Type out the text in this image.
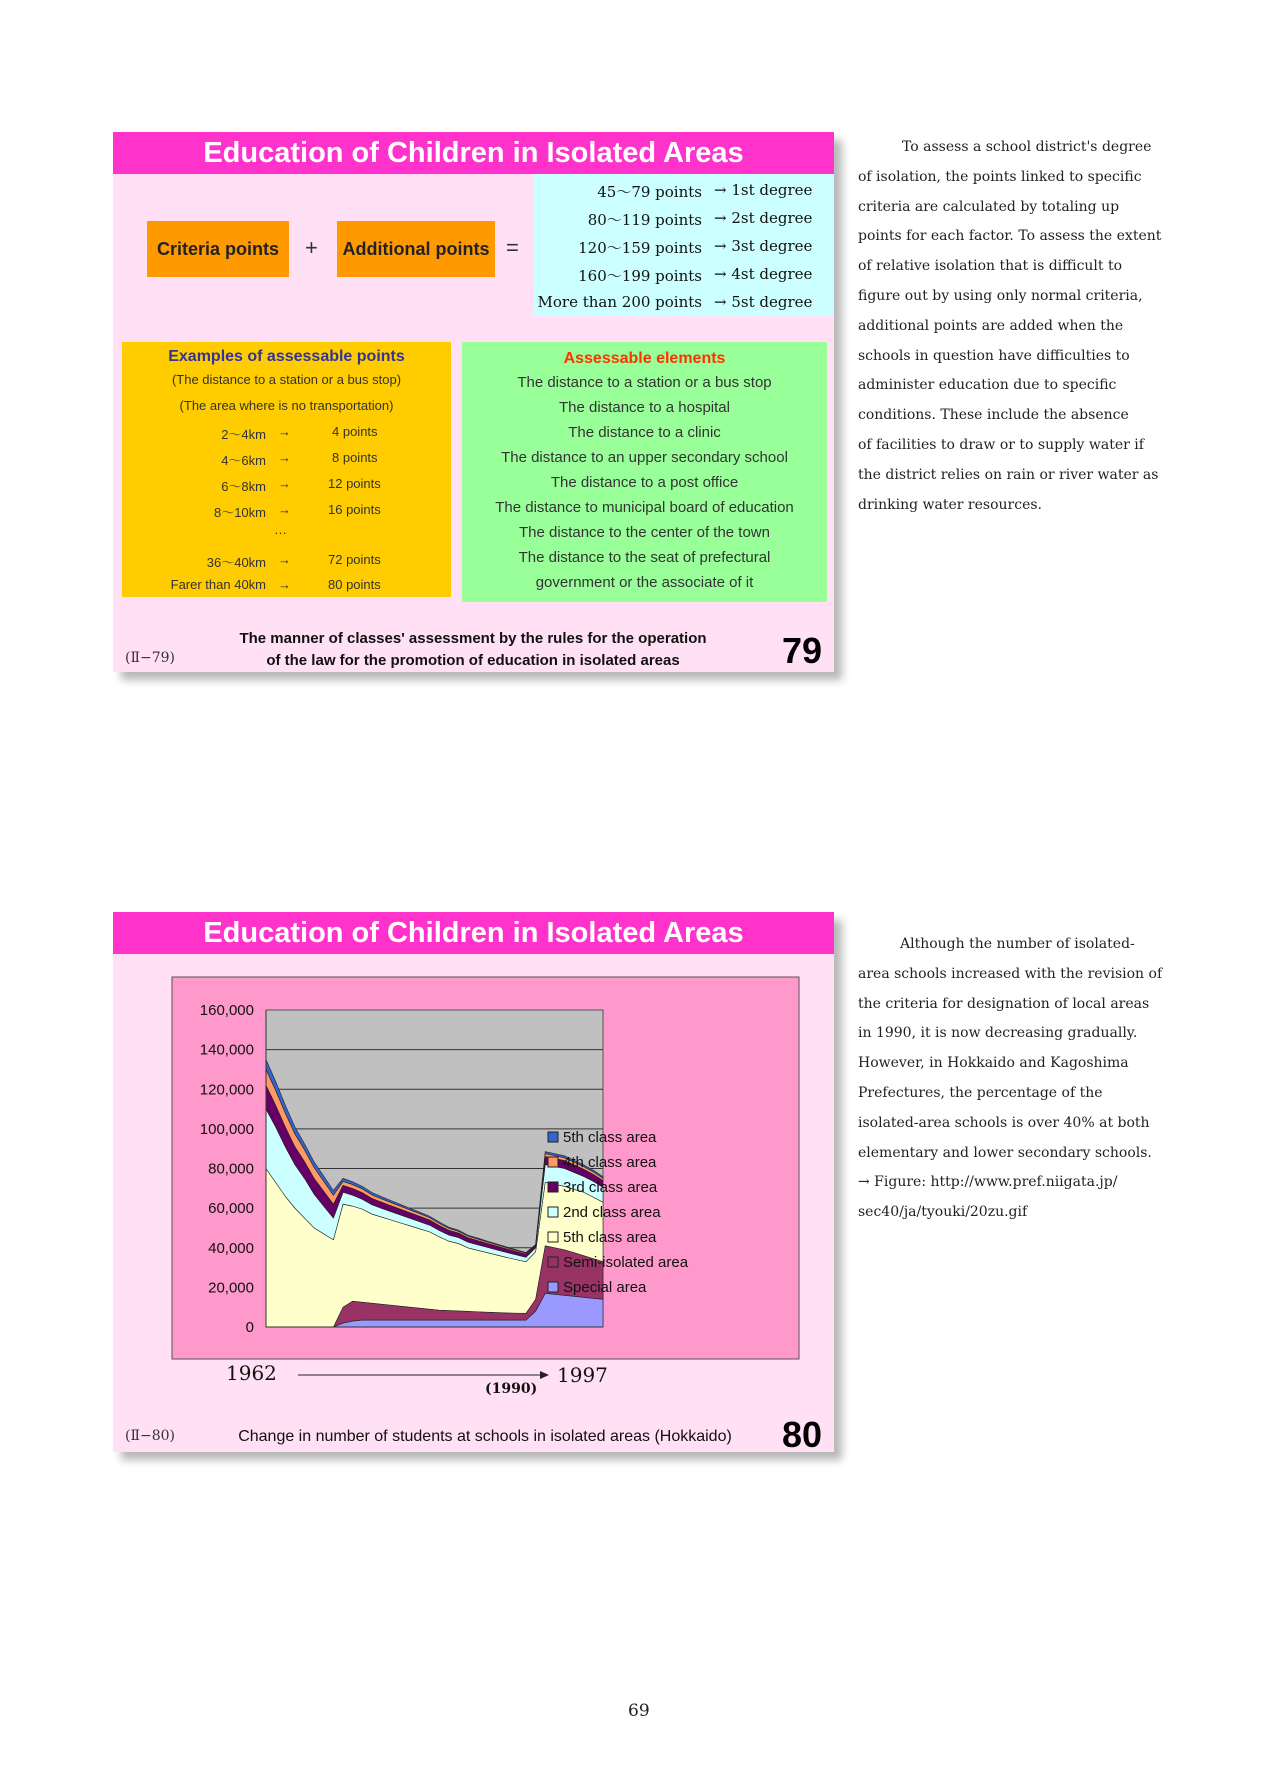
Education of Children in Isolated Areas
Criteria points	+	Additional points =
45〜79 points → 1st degree
80〜119 points → 2st degree
120〜159 points → 3st degree
160〜199 points → 4st degree
More than 200 points → 5st degree
Examples of assessable points
(The distance to a station or a bus stop)
(The area where is no transportation)
2〜4km →	4 points
4〜6km →	8 points
6〜8km →	12 points
8〜10km →	16 points
…
36〜40km →	72 points
Farer than 40km →	80 points
Assessable elements
The distance to a station or a bus stop
The distance to a hospital
The distance to a clinic
The distance to an upper secondary school
The distance to a post office
The distance to municipal board of education
The distance to the center of the town
The distance to the seat of prefectural
government or the associate of it
(Ⅱ−79)
The manner of classes' assessment by the rules for the operation
of the law for the promotion of education in isolated areas	79
To assess a school district's degree
of isolation, the points linked to specific
criteria are calculated by totaling up
points for each factor. To assess the extent
of relative isolation that is difficult to
figure out by using only normal criteria,
additional points are added when the
schools in question have difficulties to
administer education due to specific
conditions. These include the absence
of facilities to draw or to supply water if
the district relies on rain or river water as
drinking water resources.
Education of Children in Isolated Areas
160,000
140,000
120,000
100,000
80,000
60,000
40,000
20,000
0
5th class area
4th class area
3rd class area
2nd class area
5th class area
Semi-isolated area
Special area
1962	1997
(1990)
(Ⅱ−80)	Change in number of students at schools in isolated areas (Hokkaido)	80
Although the number of isolated-
area schools increased with the revision of
the criteria for designation of local areas
in 1990, it is now decreasing gradually.
However, in Hokkaido and Kagoshima
Prefectures, the percentage of the
isolated-area schools is over 40% at both
elementary and lower secondary schools.
→ Figure: http://www.pref.niigata.jp/
sec40/ja/tyouki/20zu.gif
69
